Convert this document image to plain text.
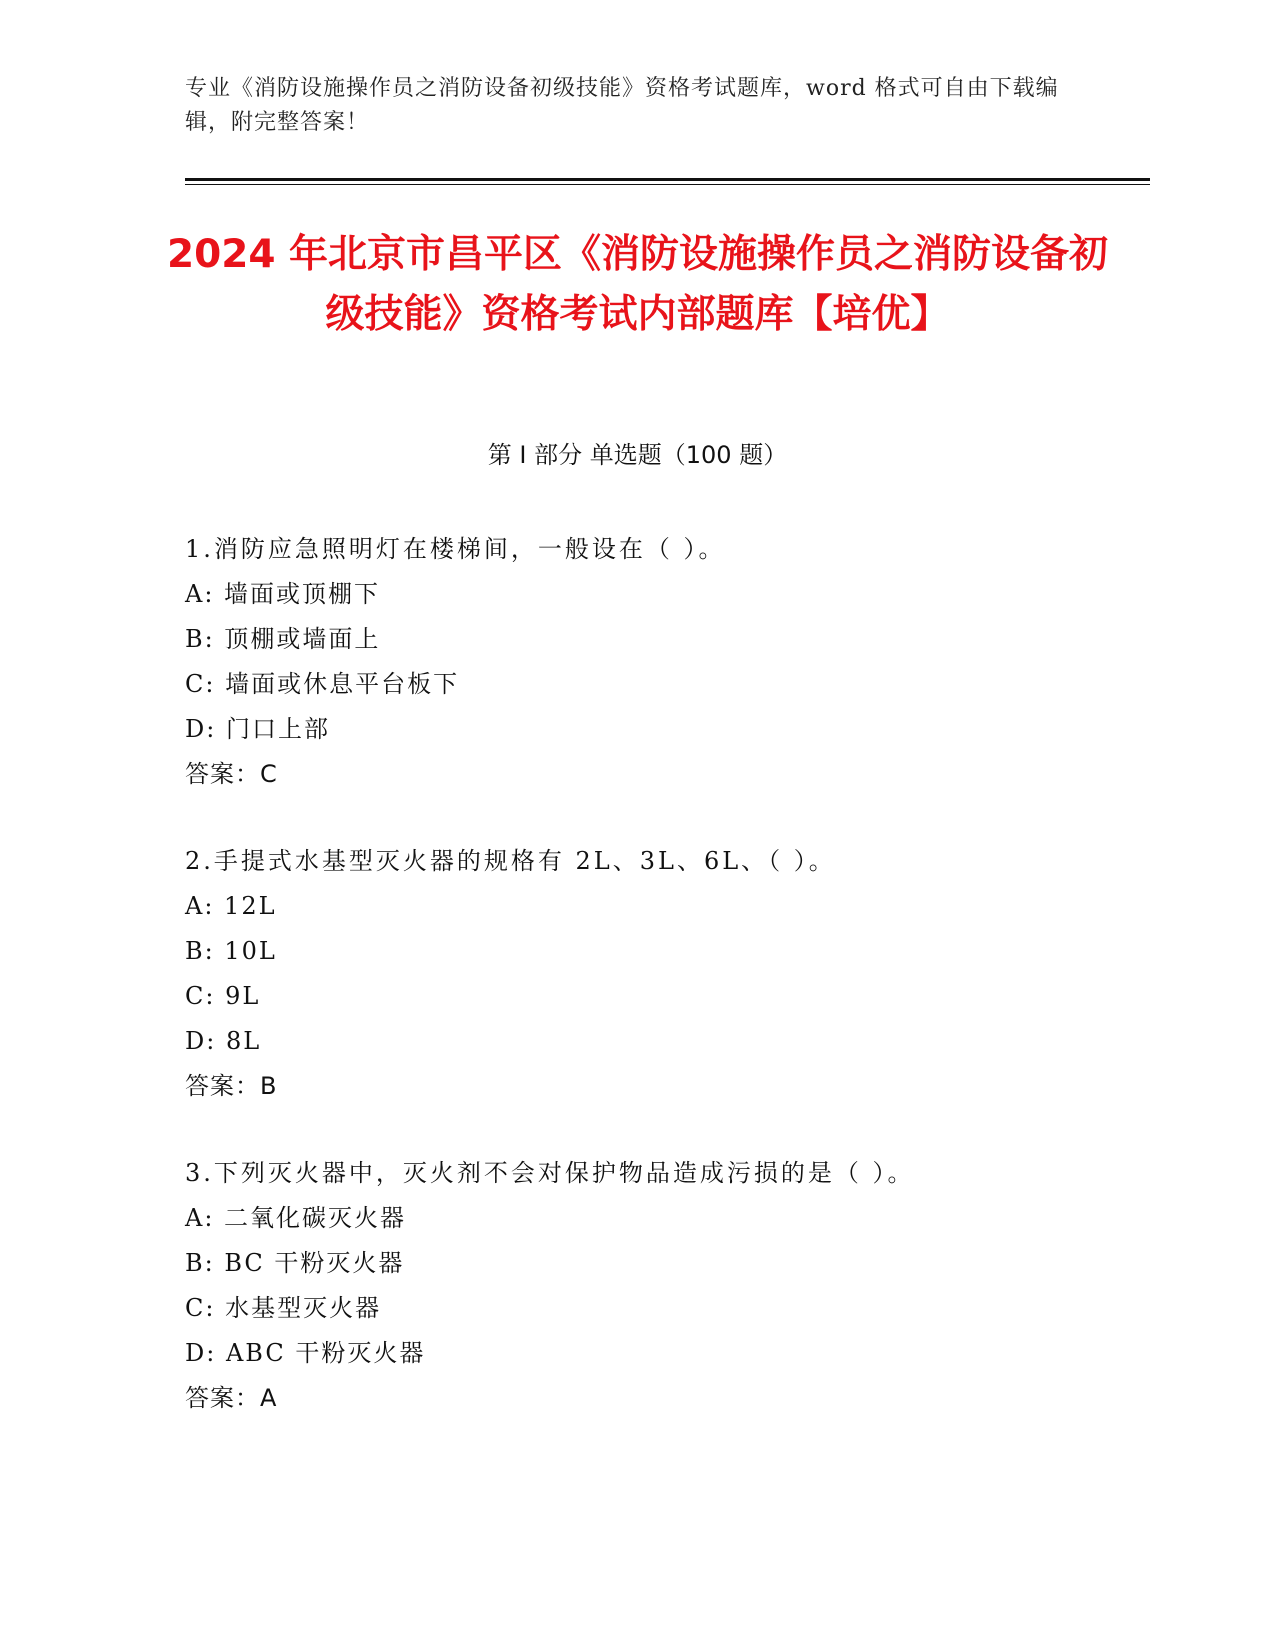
专业《消防设施操作员之消防设备初级技能》资格考试题库，word 格式可自由下载编辑，附完整答案！
2024 年北京市昌平区《消防设施操作员之消防设备初级技能》资格考试内部题库【培优】
第 I 部分 单选题（100 题）
1.消防应急照明灯在楼梯间，一般设在（ ）。
A: 墙面或顶棚下
B: 顶棚或墙面上
C: 墙面或休息平台板下
D: 门口上部
答案：C
2.手提式水基型灭火器的规格有 2L、3L、6L、（ ）。
A: 12L
B: 10L
C: 9L
D: 8L
答案：B
3.下列灭火器中，灭火剂不会对保护物品造成污损的是（ ）。
A: 二氧化碳灭火器
B: BC 干粉灭火器
C: 水基型灭火器
D: ABC 干粉灭火器
答案：A
